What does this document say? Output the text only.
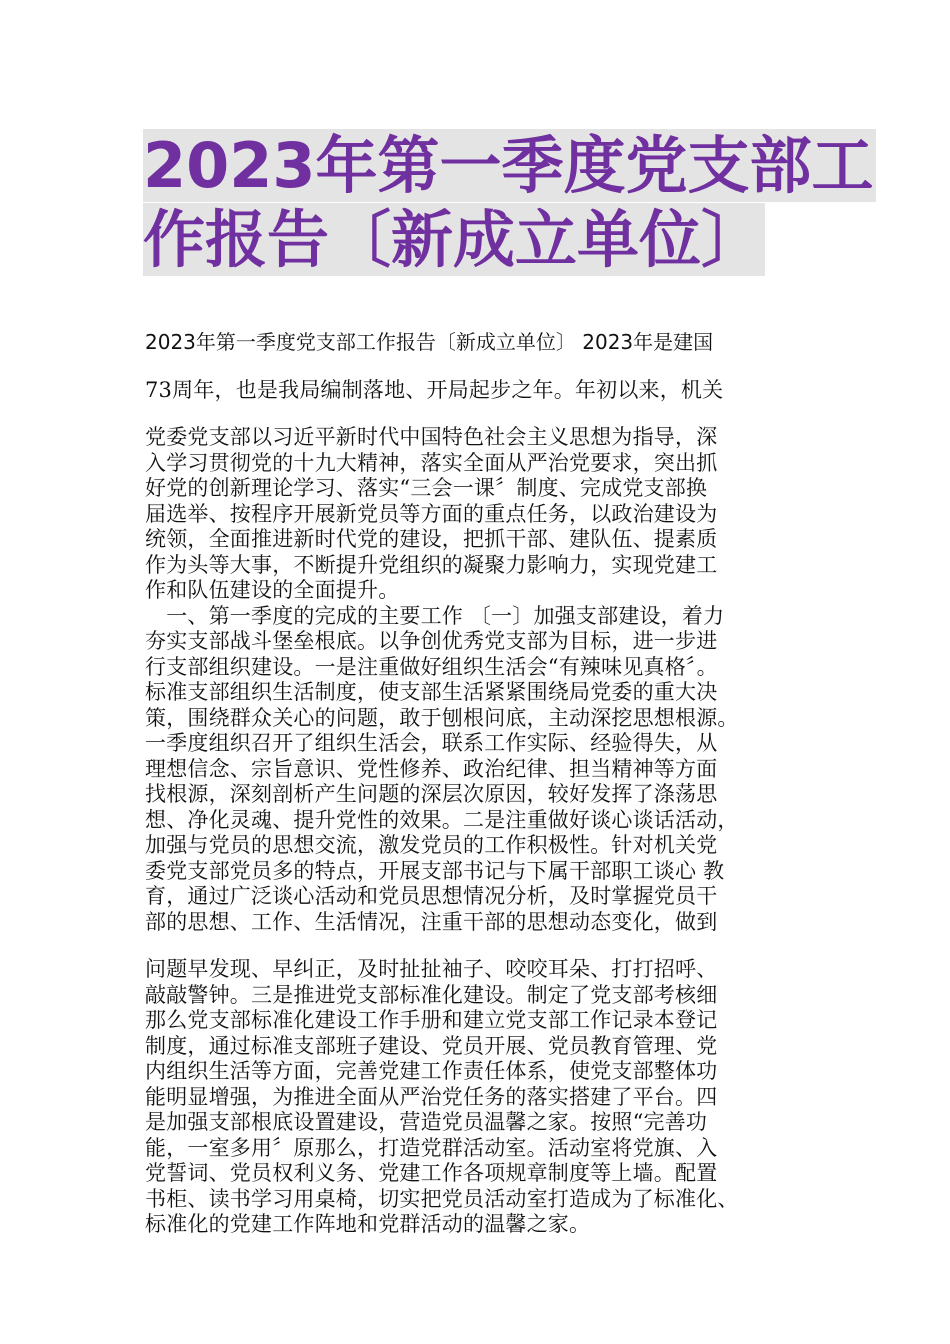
2023年第一季度党支部工
作报告〔新成立单位〕
2023年第一季度党支部工作报告〔新成立单位〕 2023年是建国
73周年，也是我局编制落地、开局起步之年。年初以来，机关
党委党支部以习近平新时代中国特色社会主义思想为指导，深
入学习贯彻党的十九大精神，落实全面从严治党要求，突出抓
好党的创新理论学习、落实“三会一课〞制度、完成党支部换
届选举、按程序开展新党员等方面的重点任务，以政治建设为
统领，全面推进新时代党的建设，把抓干部、建队伍、提素质
作为头等大事，不断提升党组织的凝聚力影响力，实现党建工
作和队伍建设的全面提升。
　一、第一季度的完成的主要工作 〔一〕加强支部建设，着力
夯实支部战斗堡垒根底。以争创优秀党支部为目标，进一步进
行支部组织建设。一是注重做好组织生活会“有辣味见真格〞。
标准支部组织生活制度，使支部生活紧紧围绕局党委的重大决
策，围绕群众关心的问题，敢于刨根问底，主动深挖思想根源。
一季度组织召开了组织生活会，联系工作实际、经验得失，从
理想信念、宗旨意识、党性修养、政治纪律、担当精神等方面
找根源，深刻剖析产生问题的深层次原因，较好发挥了涤荡思
想、净化灵魂、提升党性的效果。二是注重做好谈心谈话活动，
加强与党员的思想交流，激发党员的工作积极性。针对机关党
委党支部党员多的特点，开展支部书记与下属干部职工谈心 教
育，通过广泛谈心活动和党员思想情况分析，及时掌握党员干
部的思想、工作、生活情况，注重干部的思想动态变化，做到
问题早发现、早纠正，及时扯扯袖子、咬咬耳朵、打打招呼、
敲敲警钟。三是推进党支部标准化建设。制定了党支部考核细
那么党支部标准化建设工作手册和建立党支部工作记录本登记
制度，通过标准支部班子建设、党员开展、党员教育管理、党
内组织生活等方面，完善党建工作责任体系，使党支部整体功
能明显增强，为推进全面从严治党任务的落实搭建了平台。四
是加强支部根底设置建设，营造党员温馨之家。按照“完善功
能，一室多用〞原那么，打造党群活动室。活动室将党旗、入
党誓词、党员权利义务、党建工作各项规章制度等上墙。配置
书柜、读书学习用桌椅，切实把党员活动室打造成为了标准化、
标准化的党建工作阵地和党群活动的温馨之家。
